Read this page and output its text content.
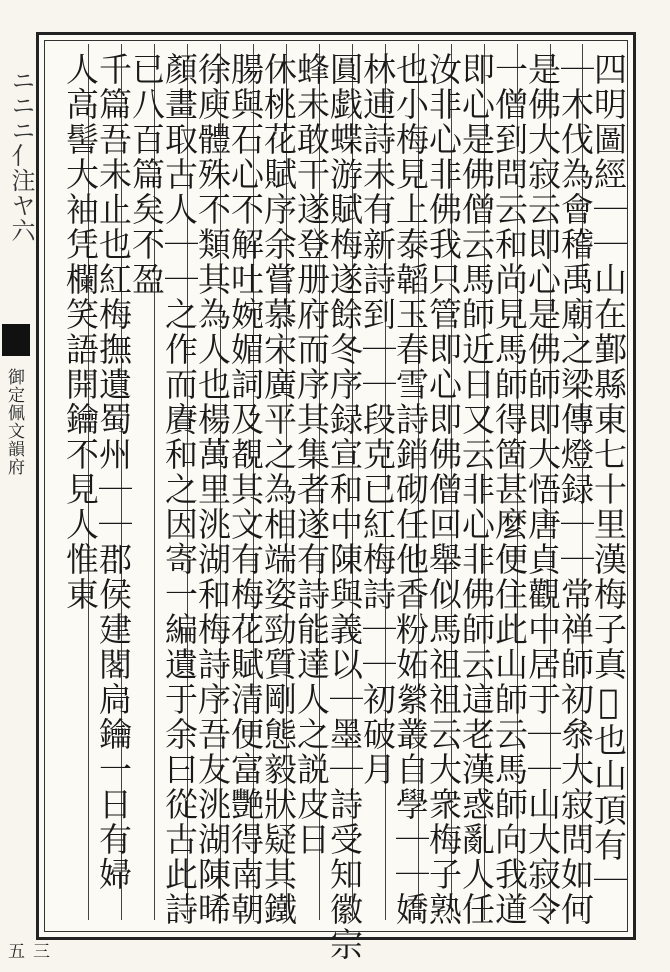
ニニニ亻注ヤ六
御定佩文韻府
三五
四明圖經｜｜山在鄞縣東七十里漢梅子真𨼆也山頂有｜
｜木伐為會稽禹廟之梁傳燈録｜｜常禅師初叅大寂問如何
是佛大寂云即心是佛師即大悟唐貞觀中居于｜｜山大寂令
一僧到問云和尚見馬師得箇甚麼便住此山師云馬師向我道
即心是佛僧云馬師近日又云非心非佛師云這老漢惑亂人任
汝非心非佛我只管即心即佛僧回舉似馬祖祖云大衆梅子熟
也小梅見上泰韜玉春雪詩銷砌任他香粉妬縈叢自學｜｜嬌
林逋詩未有新詩到｜｜段克已紅梅詩｜｜初破月
圓戯蝶游賦梅遂餘冬序録宣和中陳與義以｜墨｜詩受知徽宗
蜂未敢干遂登册府而序其集者遂有詩能達人之説皮日
休桃花賦序余嘗慕宋廣平之為相端姿勁質剛態毅狀疑其鐵
腸與石心不解吐婉媚詞及覩其文有梅花賦清便富艷得南朝
徐庾體殊不類其為人也楊萬里洮湖和梅詩序吾友洮湖陳晞
顏畫取古人｜｜之作而賡和之因寄一編遺于余曰從古此詩
已八百篇矣不盈
千篇吾未止也紅梅撫遺蜀州｜｜郡侯建閣扃鑰一日有婦
人高髻大袖凭欄笑語開鑰不見人惟東
